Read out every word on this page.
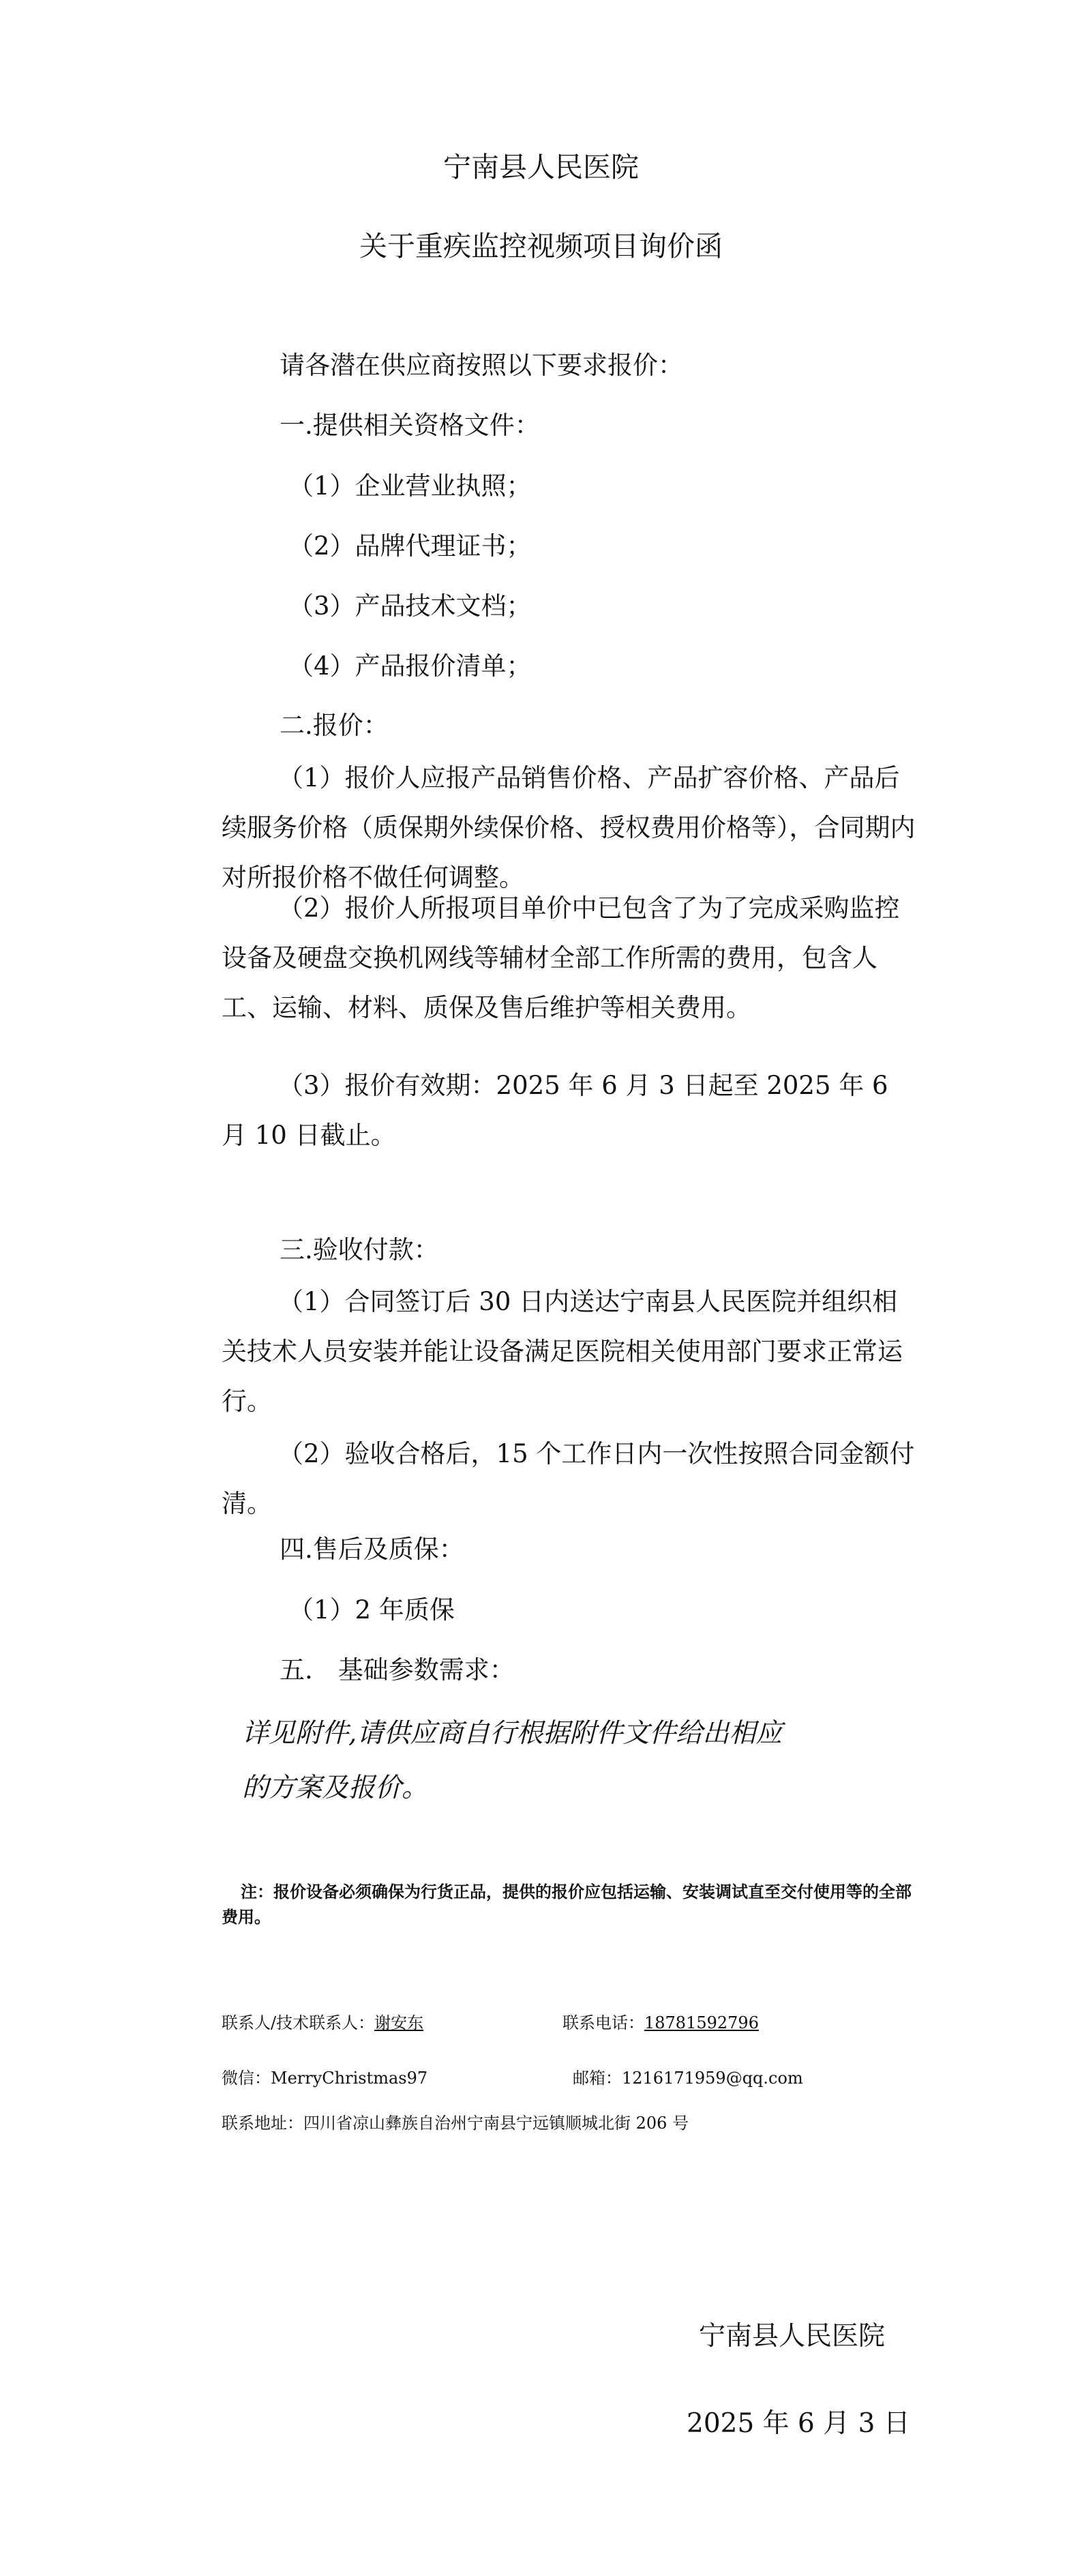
宁南县人民医院
关于重疾监控视频项目询价函
请各潜在供应商按照以下要求报价：
一.提供相关资格文件：
（1）企业营业执照；
（2）品牌代理证书；
（3）产品技术文档；
（4）产品报价清单；
二.报价：
（1）报价人应报产品销售价格、产品扩容价格、产品后续服务价格（质保期外续保价格、授权费用价格等），合同期内对所报价格不做任何调整。
（2）报价人所报项目单价中已包含了为了完成采购监控设备及硬盘交换机网线等辅材全部工作所需的费用，包含人工、运输、材料、质保及售后维护等相关费用。
（3）报价有效期：2025 年 6 月 3 日起至 2025 年 6 月 10 日截止。
三.验收付款：
（1）合同签订后 30 日内送达宁南县人民医院并组织相关技术人员安装并能让设备满足医院相关使用部门要求正常运行。
（2）验收合格后，15 个工作日内一次性按照合同金额付清。
四.售后及质保：
（1）2 年质保
五.　基础参数需求：
详见附件,请供应商自行根据附件文件给出相应
的方案及报价。
注：报价设备必须确保为行货正品，提供的报价应包括运输、安装调试直至交付使用等的全部费用。
联系人/技术联系人：谢安东	联系电话：18781592796
微信：MerryChristmas97	邮箱：1216171959@qq.com
联系地址：四川省凉山彝族自治州宁南县宁远镇顺城北街 206 号
宁南县人民医院
2025 年 6 月 3 日
